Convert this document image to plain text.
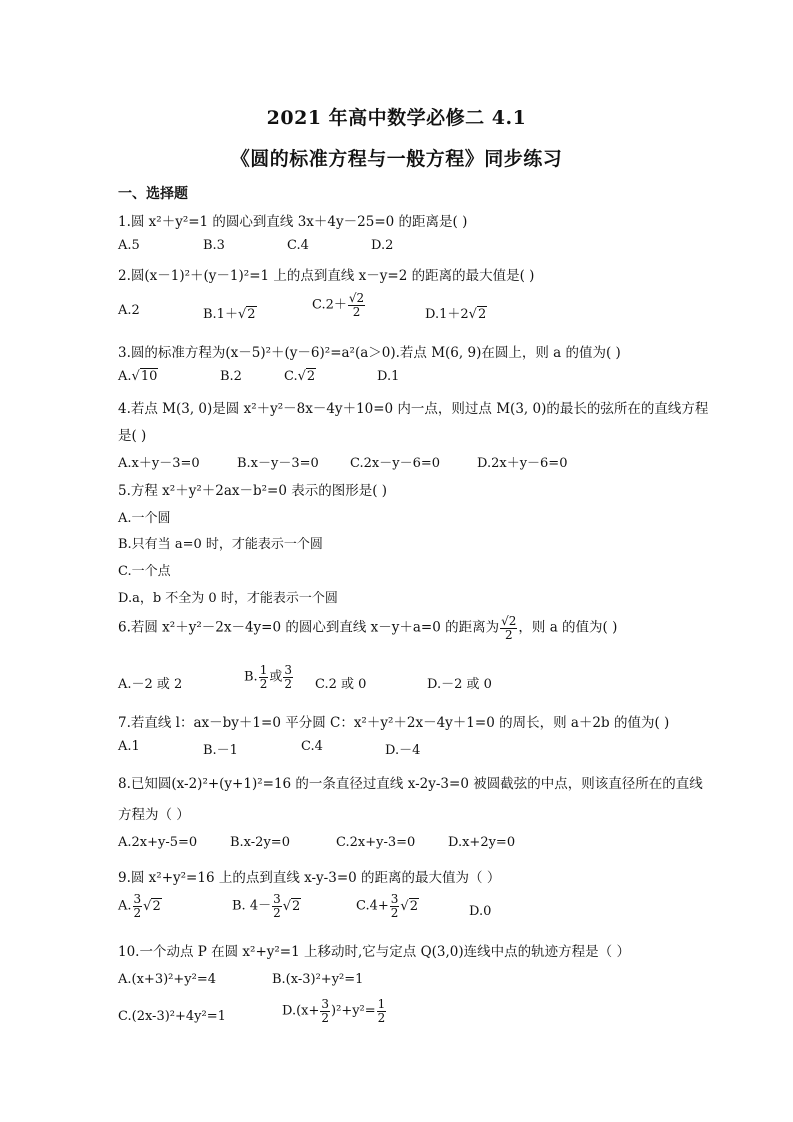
2021 年高中数学必修二 4.1
《圆的标准方程与一般方程》同步练习
一、选择题
1.圆 x²＋y²=1 的圆心到直线 3x＋4y－25=0 的距离是( )
A.5	B.3	C.4	D.2
2.圆(x－1)²＋(y－1)²=1 上的点到直线 x－y=2 的距离的最大值是( )
A.2	B.1＋√2
$C.2+ \frac{√2}{2}$	D.1＋2√2
3.圆的标准方程为(x－5)²＋(y－6)²=a²(a＞0).若点 M(6, 9)在圆上，则 a 的值为( )
A.√10	B.2	C.√2	D.1
4.若点 M(3, 0)是圆 x²＋y²－8x－4y＋10=0 内一点，则过点 M(3, 0)的最长的弦所在的直线方程
是( )
A.x＋y－3=0	B.x－y－3=0 C.2x－y－6=0	D.2x＋y－6=0
5.方程 x²＋y²＋2ax－b²=0 表示的图形是( )
A.一个圆
B.只有当 a=0 时，才能表示一个圆
C.一个点
D.a，b 不全为 0 时，才能表示一个圆
6.若圆 x²＋y²－2x－4y=0 的圆心到直线 x－y＋a=0 的距离为 $\frac{√2}{2}$ ，则 a 的值为( )
A.－2 或 2	B. $\frac{1}{2}$ 或 $\frac{3}{2} C.2$ 或 0	D.－2 或 0
7.若直线 l：ax－by＋1=0 平分圆 C：x²＋y²＋2x－4y＋1=0 的周长，则 a＋2b 的值为( )
A.1	B.－1	C.4	D.－4
8.已知圆(x-2)²+(y+1)²=16 的一条直径过直线 x-2y-3=0 被圆截弦的中点，则该直径所在的直线
方程为（ ）
A.2x+y-5=0	B.x-2y=0	C.2x+y-3=0	D.x+2y=0
9.圆 x²+y²=16 上的点到直线 x-y-3=0 的距离的最大值为（ ）
A. $\frac{3}{2} √2$	B. $4- \frac{3}{2} √2$	$C.4+ \frac{3}{2} √2$	D.0
10.一个动点 P 在圆 x²+y²=1 上移动时,它与定点 Q(3,0)连线中点的轨迹方程是（ ）
A.(x+3)²+y²=4	B.(x-3)²+y²=1
C.(2x-3)²+4y²=1	$D.(x+ \frac{3}{2} )^2+y^2= \frac{1}{2}$
